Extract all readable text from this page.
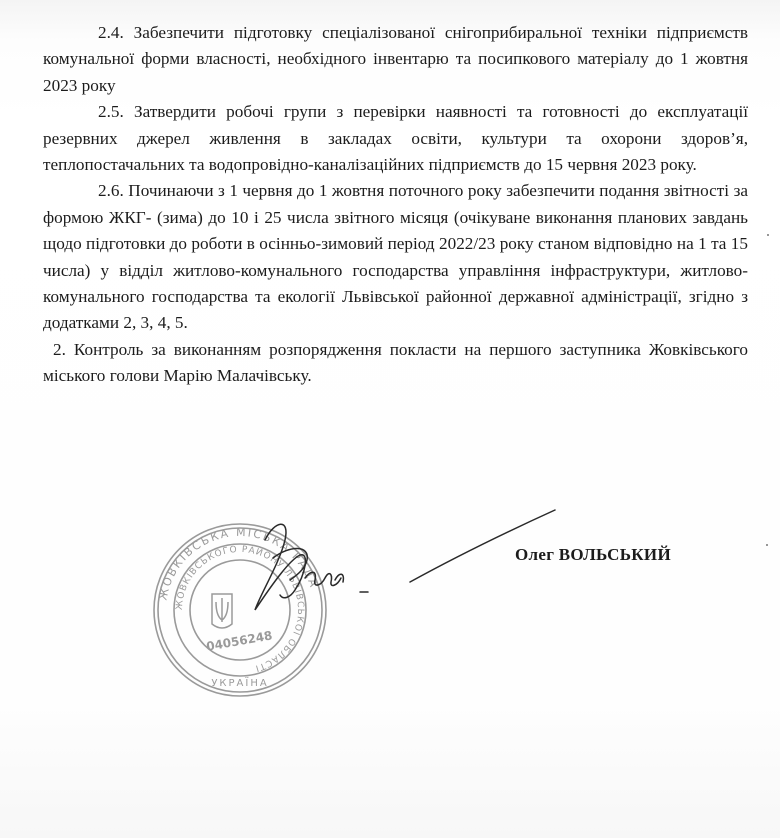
2.4. Забезпечити підготовку спеціалізованої снігоприбиральної техніки підприємств комунальної форми власності, необхідного інвентарю та посипкового матеріалу до 1 жовтня 2023 року

2.5. Затвердити робочі групи з перевірки наявності та готовності до експлуатації резервних джерел живлення в закладах освіти, культури та охорони здоров’я, теплопостачальних та водопровідно-каналізаційних підприємств до 15 червня 2023 року.

2.6. Починаючи з 1 червня до 1 жовтня поточного року забезпечити подання звітності за формою ЖКГ- (зима) до 10 і 25 числа звітного місяця (очікуване виконання планових завдань щодо підготовки до роботи в осінньо-зимовий період 2022/23 року станом відповідно на 1 та 15 числа) у відділ житлово-комунального господарства управління інфраструктури, житлово-комунального господарства та екології Львівської районної державної адміністрації, згідно з додатками 2, 3, 4, 5.

2. Контроль за виконанням розпорядження покласти на першого заступника Жовківського міського голови Марію Малачівську.

ЖОВКІВСЬКА МІСЬКА РАДА
ЖОВКІВСЬКОГО РАЙОНУ ЛЬВІВСЬКОЇ ОБЛАСТІ
04056248
УКРАЇНА
Олег ВОЛЬСЬКИЙ
